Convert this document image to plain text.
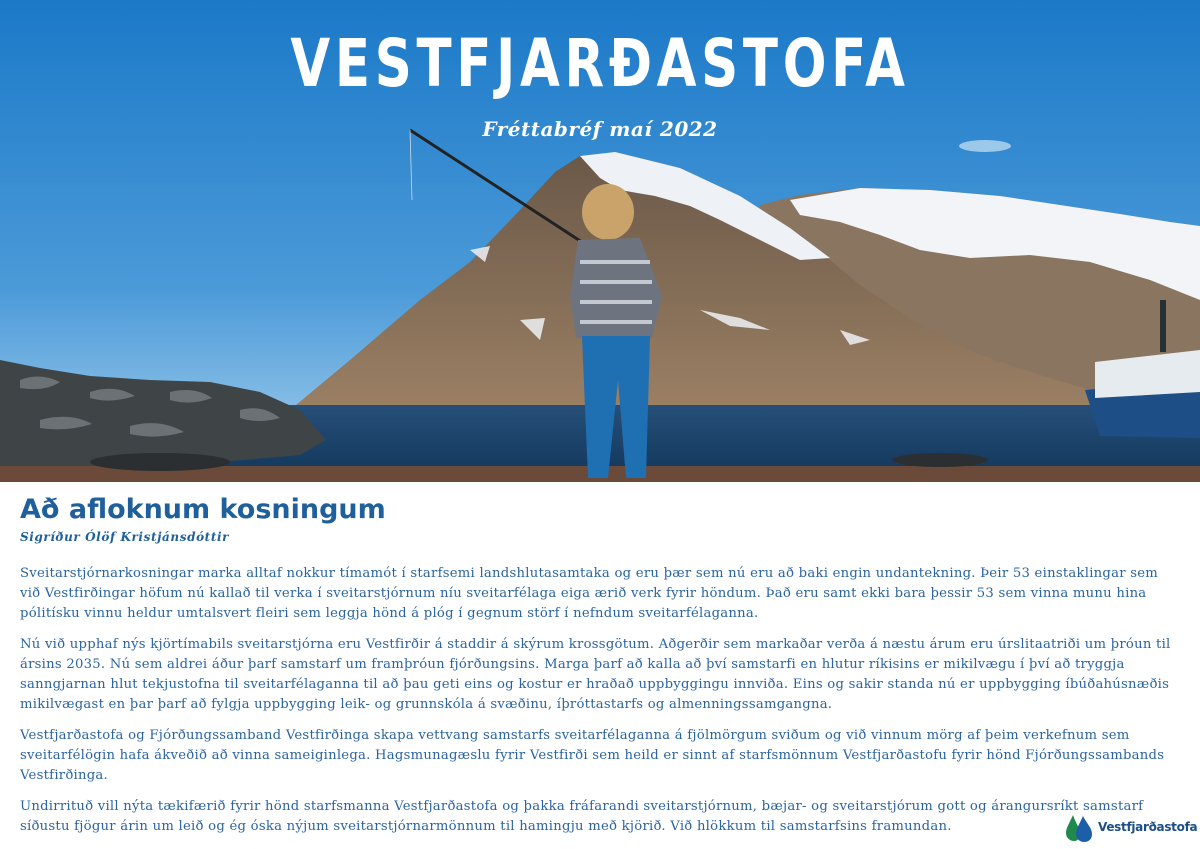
VESTFJARÐASTOFA
Fréttabréf maí 2022
Að afloknum kosningum
Sigríður Ólöf Kristjánsdóttir

Sveitarstjórnarkosningar marka alltaf nokkur tímamót í starfsemi landshlutasamtaka og eru þær sem nú eru að baki engin undantekning. Þeir 53 einstaklingar sem við Vestfirðingar höfum nú kallað til verka í sveitarstjórnum níu sveitarfélaga eiga ærið verk fyrir höndum. Það eru samt ekki bara þessir 53 sem vinna munu hina pólitísku vinnu heldur umtalsvert fleiri sem leggja hönd á plóg í gegnum störf í nefndum sveitarfélaganna.

Nú við upphaf nýs kjörtímabils sveitarstjórna eru Vestfirðir á staddir á skýrum krossgötum. Aðgerðir sem markaðar verða á næstu árum eru úrslitaatriði um þróun til ársins 2035. Nú sem aldrei áður þarf samstarf um framþróun fjórðungsins. Marga þarf að kalla að því samstarfi en hlutur ríkisins er mikilvægu í því að tryggja sanngjarnan hlut tekjustofna til sveitarfélaganna til að þau geti eins og kostur er hraðað uppbyggingu innviða. Eins og sakir standa nú er uppbygging íbúðahúsnæðis mikilvægast en þar þarf að fylgja uppbygging leik- og grunnskóla á svæðinu, íþróttastarfs og almenningssamgangna.

Vestfjarðastofa og Fjórðungssamband Vestfirðinga skapa vettvang samstarfs sveitarfélaganna á fjölmörgum sviðum og við vinnum mörg af þeim verkefnum sem sveitarfélögin hafa ákveðið að vinna sameiginlega. Hagsmunagæslu fyrir Vestfirði sem heild er sinnt af starfsmönnum Vestfjarðastofu fyrir hönd Fjórðungssambands Vestfirðinga.

Undirrituð vill nýta tækifærið fyrir hönd starfsmanna Vestfjarðastofa og þakka fráfarandi sveitarstjórnum, bæjar- og sveitarstjórum gott og árangursríkt samstarf síðustu fjögur árin um leið og ég óska nýjum sveitarstjórnarmönnum til hamingju með kjörið. Við hlökkum til samstarfsins framundan.	Vestfjarðastofa
